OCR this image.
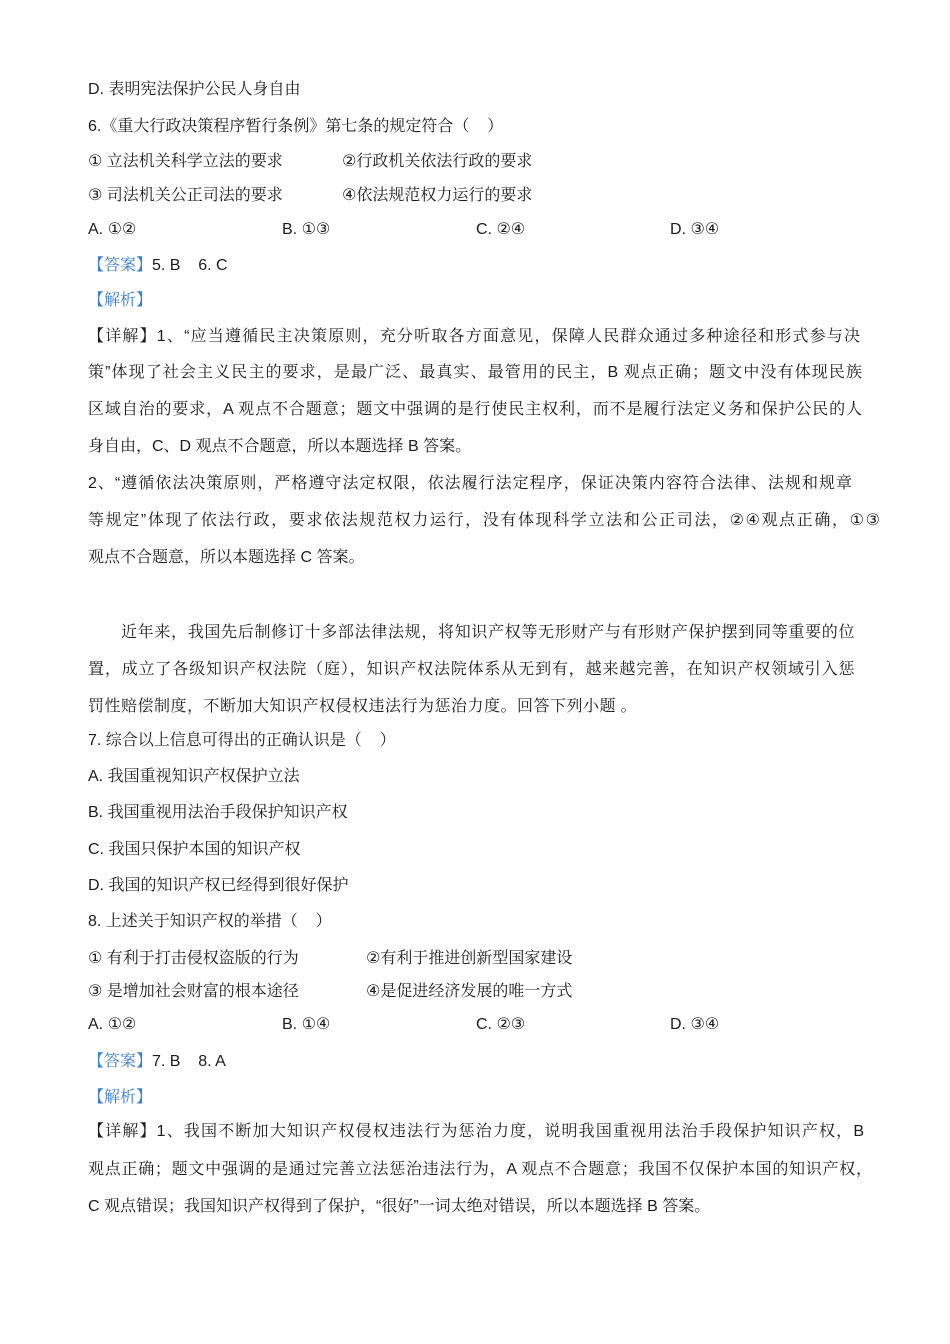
D. 表明宪法保护公民人身自由
6.《重大行政决策程序暂行条例》第七条的规定符合（    ）
① 立法机关科学立法的要求	②行政机关依法行政的要求
③ 司法机关公正司法的要求	④依法规范权力运行的要求
A. ①②	B. ①③	C. ②④	D. ③④
【答案】5. B    6. C
【解析】
【详解】1、“应当遵循民主决策原则，充分听取各方面意见，保障人民群众通过多种途径和形式参与决
策”体现了社会主义民主的要求，是最广泛、最真实、最管用的民主，B 观点正确；题文中没有体现民族
区域自治的要求，A 观点不合题意；题文中强调的是行使民主权利，而不是履行法定义务和保护公民的人
身自由，C、D 观点不合题意，所以本题选择 B 答案。
2、“遵循依法决策原则，严格遵守法定权限，依法履行法定程序，保证决策内容符合法律、法规和规章
等规定”体现了依法行政，要求依法规范权力运行，没有体现科学立法和公正司法，②④观点正确，①③
观点不合题意，所以本题选择 C 答案。
近年来，我国先后制修订十多部法律法规，将知识产权等无形财产与有形财产保护摆到同等重要的位
置，成立了各级知识产权法院（庭），知识产权法院体系从无到有，越来越完善，在知识产权领域引入惩
罚性赔偿制度，不断加大知识产权侵权违法行为惩治力度。回答下列小题 。
7. 综合以上信息可得出的正确认识是（    ）
A. 我国重视知识产权保护立法
B. 我国重视用法治手段保护知识产权
C. 我国只保护本国的知识产权
D. 我国的知识产权已经得到很好保护
8. 上述关于知识产权的举措（    ）
① 有利于打击侵权盗版的行为	②有利于推进创新型国家建设
③ 是增加社会财富的根本途径	④是促进经济发展的唯一方式
A. ①②	B. ①④	C. ②③	D. ③④
【答案】7. B    8. A
【解析】
【详解】1、我国不断加大知识产权侵权违法行为惩治力度，说明我国重视用法治手段保护知识产权，B
观点正确；题文中强调的是通过完善立法惩治违法行为，A 观点不合题意；我国不仅保护本国的知识产权，
C 观点错误；我国知识产权得到了保护，“很好”一词太绝对错误，所以本题选择 B 答案。
